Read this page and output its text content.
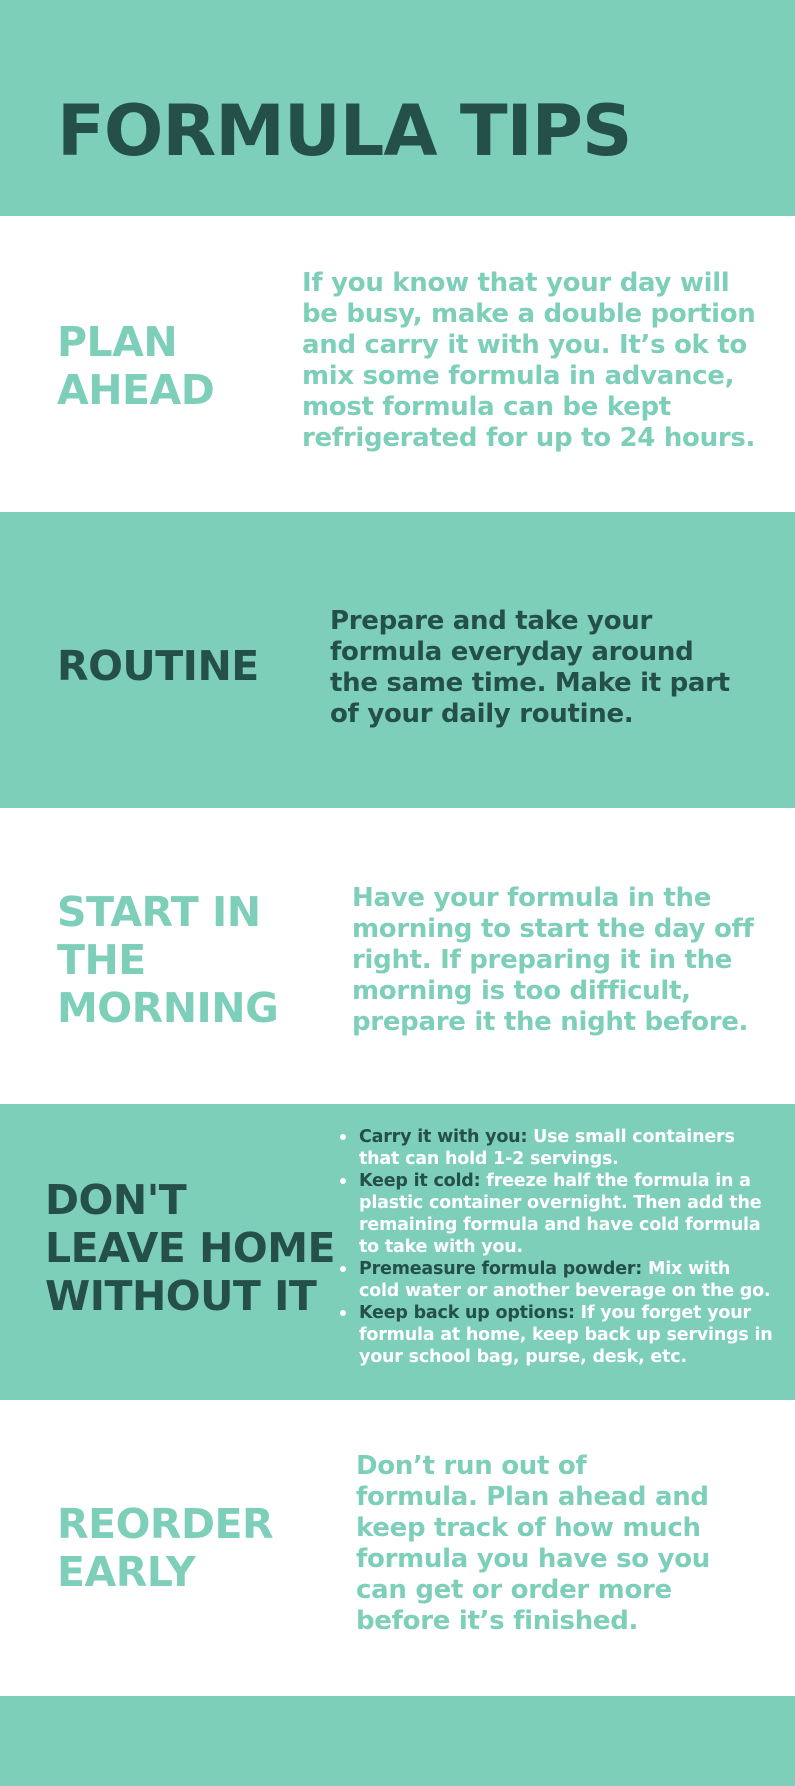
FORMULA TIPS
PLAN
AHEAD
If you know that your day will
be busy, make a double portion
and carry it with you. It’s ok to
mix some formula in advance,
most formula can be kept
refrigerated for up to 24 hours.
ROUTINE
Prepare and take your
formula everyday around
the same time. Make it part
of your daily routine.
START IN
THE
MORNING
Have your formula in the
morning to start the day off
right. If preparing it in the
morning is too difficult,
prepare it the night before.
DON'T
LEAVE HOME
WITHOUT IT
Carry it with you: Use small containers
that can hold 1-2 servings.
Keep it cold: freeze half the formula in a
plastic container overnight. Then add the
remaining formula and have cold formula
to take with you.
Premeasure formula powder: Mix with
cold water or another beverage on the go.
Keep back up options: If you forget your
formula at home, keep back up servings in
your school bag, purse, desk, etc.
REORDER
EARLY
Don’t run out of
formula. Plan ahead and
keep track of how much
formula you have so you
can get or order more
before it’s finished.
